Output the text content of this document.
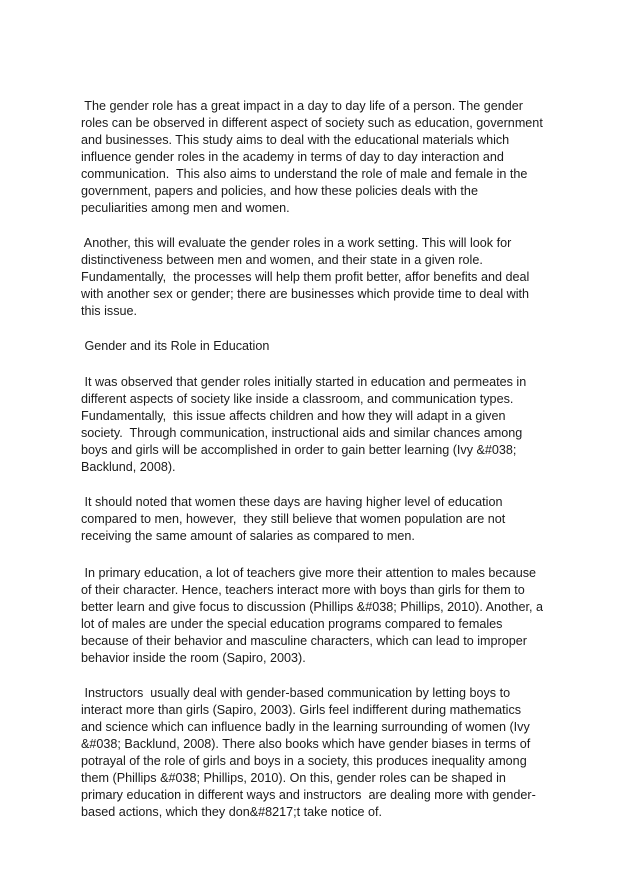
The gender role has a great impact in a day to day life of a person. The gender
roles can be observed in different aspect of society such as education, government
and businesses. This study aims to deal with the educational materials which
influence gender roles in the academy in terms of day to day interaction and
communication.  This also aims to understand the role of male and female in the
government, papers and policies, and how these policies deals with the
peculiarities among men and women.
Another, this will evaluate the gender roles in a work setting. This will look for
distinctiveness between men and women, and their state in a given role.
Fundamentally,  the processes will help them profit better, affor benefits and deal
with another sex or gender; there are businesses which provide time to deal with
this issue.
Gender and its Role in Education
It was observed that gender roles initially started in education and permeates in
different aspects of society like inside a classroom, and communication types.
Fundamentally,  this issue affects children and how they will adapt in a given
society.  Through communication, instructional aids and similar chances among
boys and girls will be accomplished in order to gain better learning (Ivy &#038;
Backlund, 2008).
It should noted that women these days are having higher level of education
compared to men, however,  they still believe that women population are not
receiving the same amount of salaries as compared to men.
In primary education, a lot of teachers give more their attention to males because
of their character. Hence, teachers interact more with boys than girls for them to
better learn and give focus to discussion (Phillips &#038; Phillips, 2010). Another, a
lot of males are under the special education programs compared to females
because of their behavior and masculine characters, which can lead to improper
behavior inside the room (Sapiro, 2003).
Instructors  usually deal with gender-based communication by letting boys to
interact more than girls (Sapiro, 2003). Girls feel indifferent during mathematics
and science which can influence badly in the learning surrounding of women (Ivy
&#038; Backlund, 2008). There also books which have gender biases in terms of
potrayal of the role of girls and boys in a society, this produces inequality among
them (Phillips &#038; Phillips, 2010). On this, gender roles can be shaped in
primary education in different ways and instructors  are dealing more with gender-
based actions, which they don&#8217;t take notice of.
